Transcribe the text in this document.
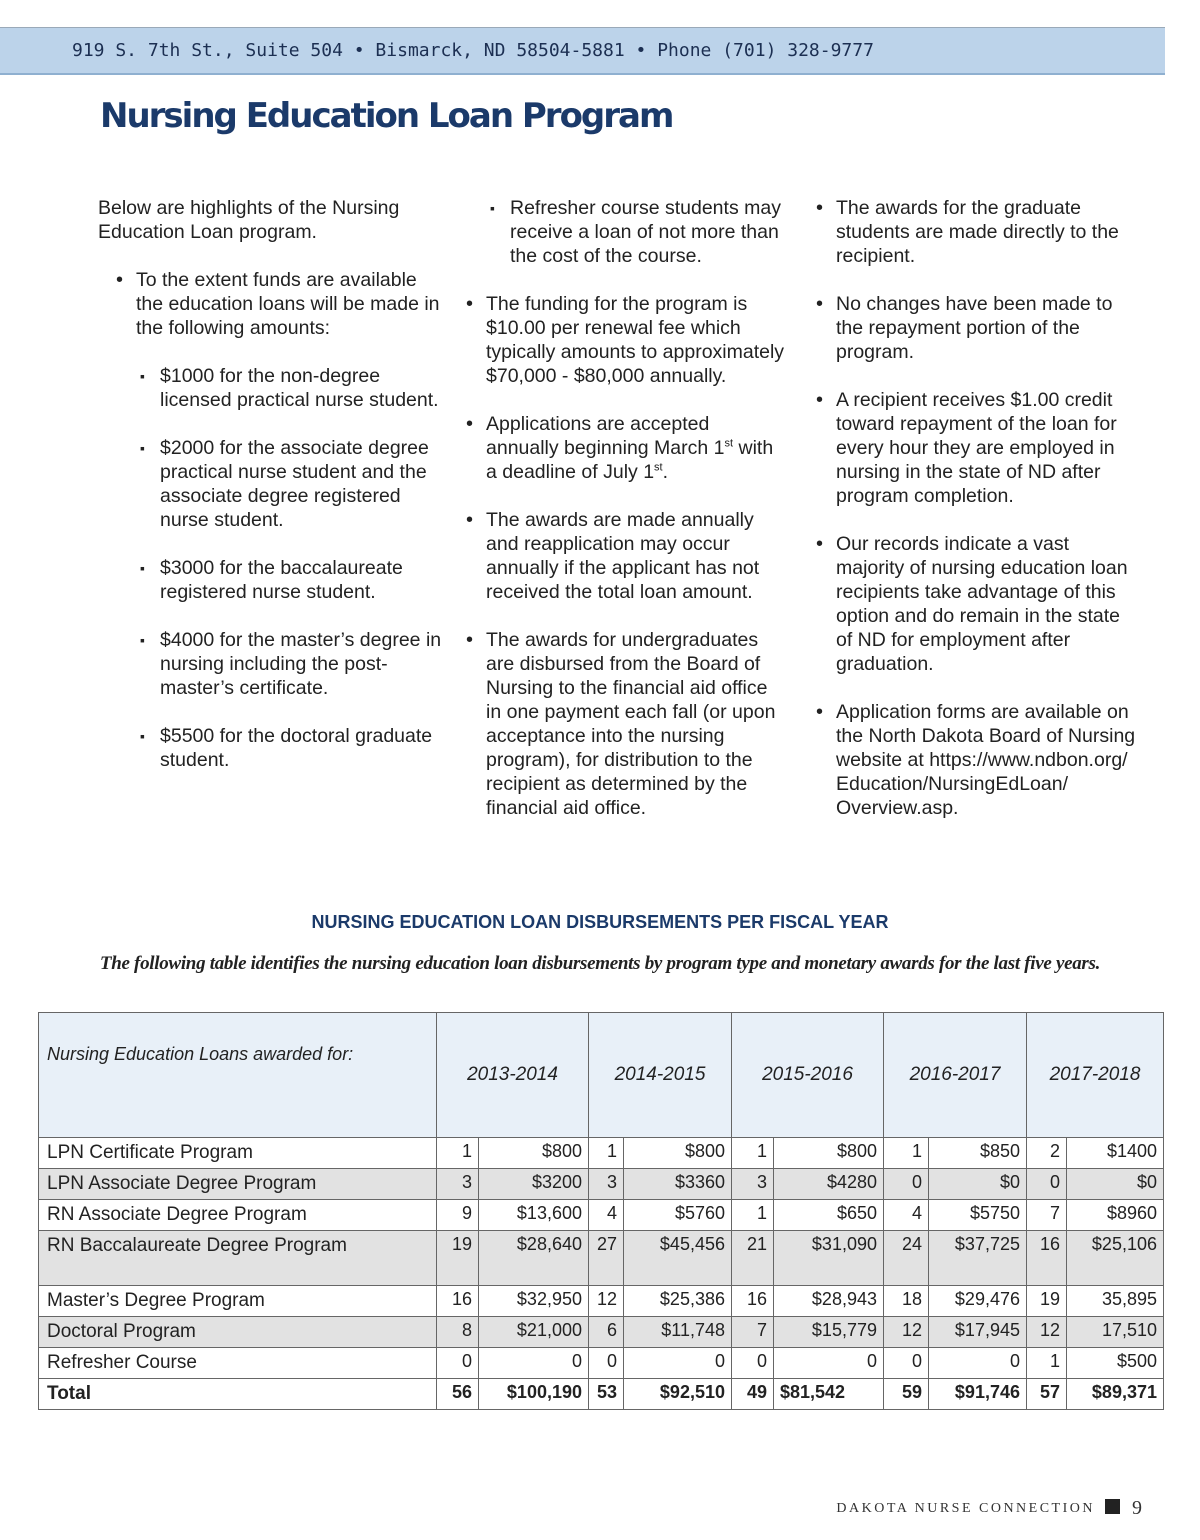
919 S. 7th St., Suite 504 • Bismarck, ND 58504-5881 • Phone (701) 328-9777
Nursing Education Loan Program

Below are highlights of the Nursing Education Loan program.

• To the extent funds are available the education loans will be made in the following amounts:
▪ $1000 for the non-degree licensed practical nurse student.
▪ $2000 for the associate degree practical nurse student and the associate degree registered nurse student.
▪ $3000 for the baccalaureate registered nurse student.
▪ $4000 for the master’s degree in nursing including the post-master’s certificate.
▪ $5500 for the doctoral graduate student.
▪ Refresher course students may receive a loan of not more than the cost of the course.
• The funding for the program is $10.00 per renewal fee which typically amounts to approximately $70,000 - $80,000 annually.
• Applications are accepted annually beginning March 1st with a deadline of July 1st.
• The awards are made annually and reapplication may occur annually if the applicant has not received the total loan amount.
• The awards for undergraduates are disbursed from the Board of Nursing to the financial aid office in one payment each fall (or upon acceptance into the nursing program), for distribution to the recipient as determined by the financial aid office.
• The awards for the graduate students are made directly to the recipient.
• No changes have been made to the repayment portion of the program.
• A recipient receives $1.00 credit toward repayment of the loan for every hour they are employed in nursing in the state of ND after program completion.
• Our records indicate a vast majority of nursing education loan recipients take advantage of this option and do remain in the state of ND for employment after graduation.
• Application forms are available on the North Dakota Board of Nursing website at https://www.ndbon.org/ Education/NursingEdLoan/ Overview.asp.
NURSING EDUCATION LOAN DISBURSEMENTS PER FISCAL YEAR
The following table identifies the nursing education loan disbursements by program type and monetary awards for the last five years.
Nursing Education Loans awarded for:	2013-2014		2014-2015		2015-2016		2016-2017		2017-2018	
LPN Certificate Program	1	$800	1	$800	1	$800	1	$850	2	$1400
LPN Associate Degree Program	3	$3200	3	$3360	3	$4280	0	$0	0	$0
RN Associate Degree Program	9	$13,600	4	$5760	1	$650	4	$5750	7	$8960
RN Baccalaureate Degree Program	19	$28,640	27	$45,456	21	$31,090	24	$37,725	16	$25,106
Master’s Degree Program	16	$32,950	12	$25,386	16	$28,943	18	$29,476	19	35,895
Doctoral Program	8	$21,000	6	$11,748	7	$15,779	12	$17,945	12	17,510
Refresher Course	0	0	0	0	0	0	0	0	1	$500
Total	56	$100,190	53	$92,510	49	$81,542	59	$91,746	57	$89,371
DAKOTA NURSE CONNECTION 9
